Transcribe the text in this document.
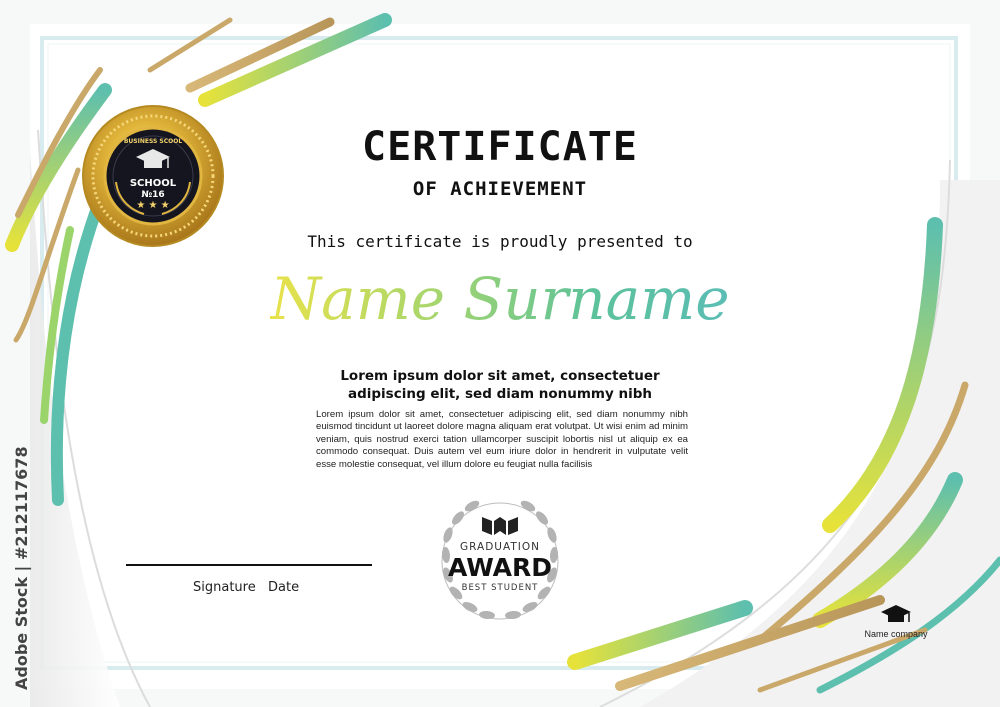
★ ★ ★
BUSINESS SCOOL
SCHOOL
№16
CERTIFICATE
OF ACHIEVEMENT
This certificate is proudly presented to
Name Surname
Lorem ipsum dolor sit amet, consectetuer adipiscing elit, sed diam nonummy nibh
Lorem ipsum dolor sit amet, consectetuer adipiscing elit, sed diam nonummy nibh euismod tincidunt ut laoreet dolore magna aliquam erat volutpat. Ut wisi enim ad minim veniam, quis nostrud exerci tation ullamcorper suscipit lobortis nisl ut aliquip ex ea commodo consequat. Duis autem vel eum iriure dolor in hendrerit in vulputate velit esse molestie consequat, vel illum dolore eu feugiat nulla facilisis
Signature Date
GRADUATION
AWARD
BEST STUDENT
Name company
Adobe Stock | #212117678
